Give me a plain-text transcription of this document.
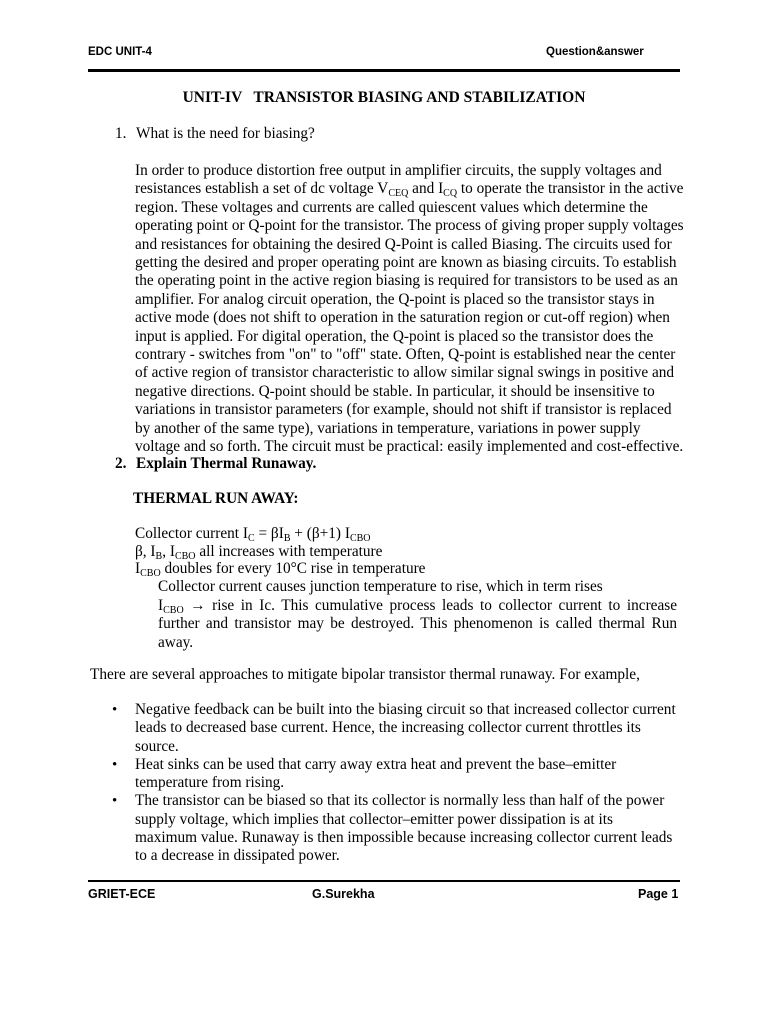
EDC UNIT-4	Question&answer
UNIT-IV   TRANSISTOR BIASING AND STABILIZATION
1. What is the need for biasing?
In order to produce distortion free output in amplifier circuits, the supply voltages and
resistances establish a set of dc voltage $V_{CEQ}$ and $I_{CQ}$ to operate the transistor in the active
region. These voltages and currents are called quiescent values which determine the
operating point or Q-point for the transistor. The process of giving proper supply voltages
and resistances for obtaining the desired Q-Point is called Biasing. The circuits used for
getting the desired and proper operating point are known as biasing circuits. To establish
the operating point in the active region biasing is required for transistors to be used as an
amplifier. For analog circuit operation, the Q-point is placed so the transistor stays in
active mode (does not shift to operation in the saturation region or cut-off region) when
input is applied. For digital operation, the Q-point is placed so the transistor does the
contrary - switches from "on" to "off" state. Often, Q-point is established near the center
of active region of transistor characteristic to allow similar signal swings in positive and
negative directions. Q-point should be stable. In particular, it should be insensitive to
variations in transistor parameters (for example, should not shift if transistor is replaced
by another of the same type), variations in temperature, variations in power supply
voltage and so forth. The circuit must be practical: easily implemented and cost-effective.
2. Explain Thermal Runaway.
THERMAL RUN AWAY:
Collector current $I_C = \beta I_B + (\beta+1)$ $I_{CBO}$
β, $I_B$, $I_{CBO}$ all increases with temperature
$I_{CBO}$ doubles for every 10°C rise in temperature
Collector current causes junction temperature to rise, which in term rises
$I_{CBO}$ → rise in Ic. This cumulative process leads to collector current to increase further and transistor may be destroyed. This phenomenon is called thermal Run away.
There are several approaches to mitigate bipolar transistor thermal runaway. For example,
• Negative feedback can be built into the biasing circuit so that increased collector current leads to decreased base current. Hence, the increasing collector current throttles its source.
• Heat sinks can be used that carry away extra heat and prevent the base–emitter temperature from rising.
• The transistor can be biased so that its collector is normally less than half of the power supply voltage, which implies that collector–emitter power dissipation is at its maximum value. Runaway is then impossible because increasing collector current leads to a decrease in dissipated power.
GRIET-ECE	G.Surekha	Page 1
